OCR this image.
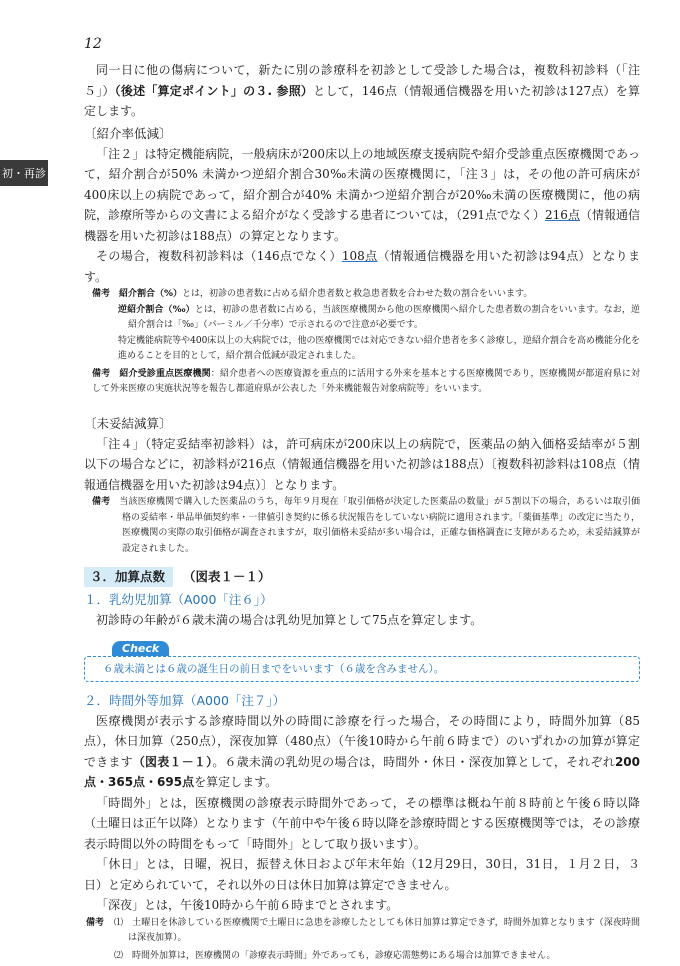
12
初・再診

同一日に他の傷病について，新たに別の診療科を初診として受診した場合は，複数科初診料（「注５」）（後述「算定ポイント」の３. 参照）として，146点（情報通信機器を用いた初診は127点）を算定します。

〔紹介率低減〕

「注２」は特定機能病院，一般病床が200床以上の地域医療支援病院や紹介受診重点医療機関であって，紹介割合が50% 未満かつ逆紹介割合30‰未満の医療機関に，「注３」は，その他の許可病床が400床以上の病院であって，紹介割合が40% 未満かつ逆紹介割合が20‰未満の医療機関に，他の病院，診療所等からの文書による紹介がなく受診する患者については，（291点でなく）216点（情報通信機器を用いた初診は188点）の算定となります。

その場合，複数科初診料は（146点でなく）108点（情報通信機器を用いた初診は94点）となります。

備考　紹介割合（%）とは，初診の患者数に占める紹介患者数と救急患者数を合わせた数の割合をいいます。
逆紹介割合（‰）とは，初診の患者数に占める，当該医療機関から他の医療機関へ紹介した患者数の割合をいいます。なお，逆紹介割合は「‰」（パーミル／千分率）で示されるので注意が必要です。
特定機能病院等や400床以上の大病院では，他の医療機関では対応できない紹介患者を多く診療し，逆紹介割合を高め機能分化を進めることを目的として，紹介割合低減が設定されました。
備考　紹介受診重点医療機関：紹介患者への医療資源を重点的に活用する外来を基本とする医療機関であり，医療機関が都道府県に対して外来医療の実施状況等を報告し都道府県が公表した「外来機能報告対象病院等」をいいます。
〔未妥結減算〕

「注４」（特定妥結率初診料）は，許可病床が200床以上の病院で，医薬品の納入価格妥結率が５割以下の場合などに，初診料が216点（情報通信機器を用いた初診は188点）〔複数科初診料は108点（情報通信機器を用いた初診は94点）〕となります。

備考　 当該医療機関で購入した医薬品のうち，毎年９月現在「取引価格が決定した医薬品の数量」が５割以下の場合，あるいは取引価格の妥結率・単品単価契約率・一律値引き契約に係る状況報告をしていない病院に適用されます。「薬価基準」の改定に当たり，医療機関の実際の取引価格が調査されますが，取引価格未妥結が多い場合は，正確な価格調査に支障があるため，未妥結減算が設定されました。
３．加算点数	（図表１－１）
１．乳幼児加算（A000「注６」）

初診時の年齢が６歳未満の場合は乳幼児加算として75点を算定します。

Check
６歳未満とは６歳の誕生日の前日までをいいます（６歳を含みません）。
２．時間外等加算（A000「注７」）

医療機関が表示する診療時間以外の時間に診療を行った場合，その時間により，時間外加算（85点），休日加算（250点），深夜加算（480点）（午後10時から午前６時まで）のいずれかの加算が算定できます（図表１－１）。６歳未満の乳幼児の場合は，時間外・休日・深夜加算として，それぞれ200点・365点・695点を算定します。

「時間外」とは，医療機関の診療表示時間外であって，その標準は概ね午前８時前と午後６時以降（土曜日は正午以降）となります（午前中や午後６時以降を診療時間とする医療機関等では，その診療表示時間以外の時間をもって「時間外」として取り扱います）。

「休日」とは，日曜，祝日，振替え休日および年末年始（12月29日，30日，31日，１月２日，３日）と定められていて，それ以外の日は休日加算は算定できません。

「深夜」とは，午後10時から午前６時までとされます。

備考	⑴　土曜日を休診している医療機関で土曜日に急患を診療したとしても休日加算は算定できず，時間外加算となります（深夜時間は深夜加算）。
⑵　時間外加算は，医療機関の「診療表示時間」外であっても，診療応需態勢にある場合は加算できません。
